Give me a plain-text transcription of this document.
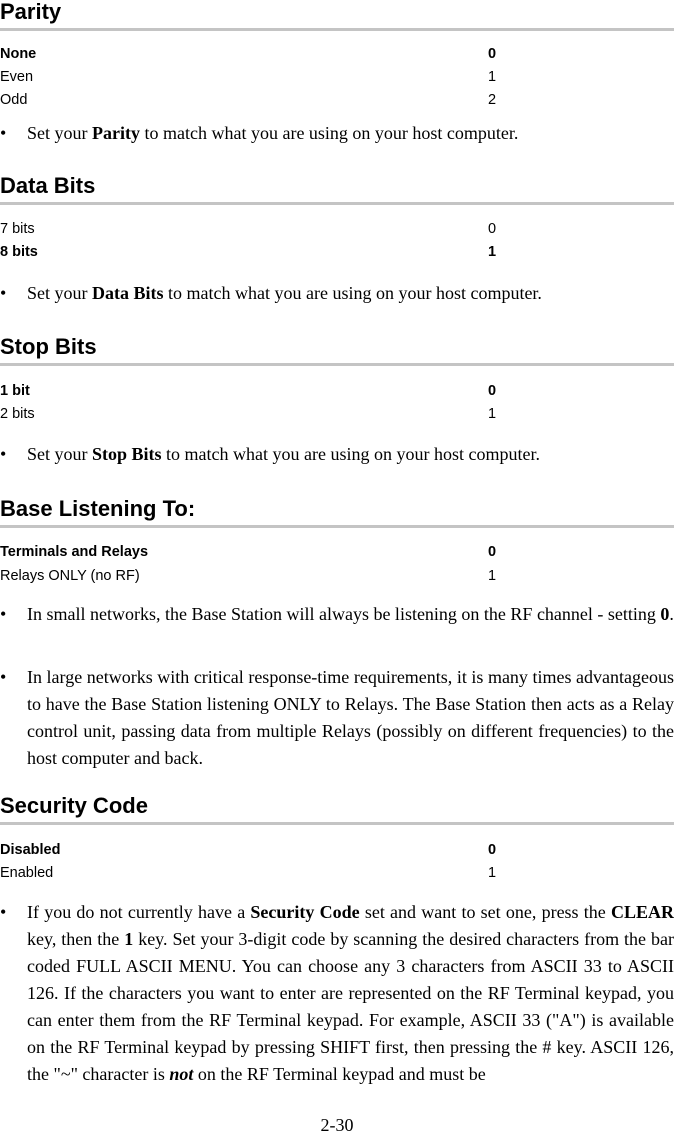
Parity
None	0
Even	1
Odd	2
•	Set your Parity to match what you are using on your host computer.
Data Bits
7 bits	0
8 bits	1
•	Set your Data Bits to match what you are using on your host computer.
Stop Bits
1 bit	0
2 bits	1
•	Set your Stop Bits to match what you are using on your host computer.
Base Listening To:
Terminals and Relays	0
Relays ONLY (no RF)	1
•	In small networks, the Base Station will always be listening on the RF channel - setting 0.
•	In large networks with critical response-time requirements, it is many times advantageous to have the Base Station listening ONLY to Relays. The Base Station then acts as a Relay control unit, passing data from multiple Relays (possibly on different frequencies) to the host computer and back.
Security Code
Disabled	0
Enabled	1
•	If you do not currently have a Security Code set and want to set one, press the CLEAR key, then the 1 key. Set your 3-digit code by scanning the desired characters from the bar coded FULL ASCII MENU. You can choose any 3 characters from ASCII 33 to ASCII 126. If the characters you want to enter are represented on the RF Terminal keypad, you can enter them from the RF Terminal keypad. For example, ASCII 33 ("A") is available on the RF Terminal keypad by pressing SHIFT first, then pressing the # key. ASCII 126, the "~" character is not on the RF Terminal keypad and must be
2-30
